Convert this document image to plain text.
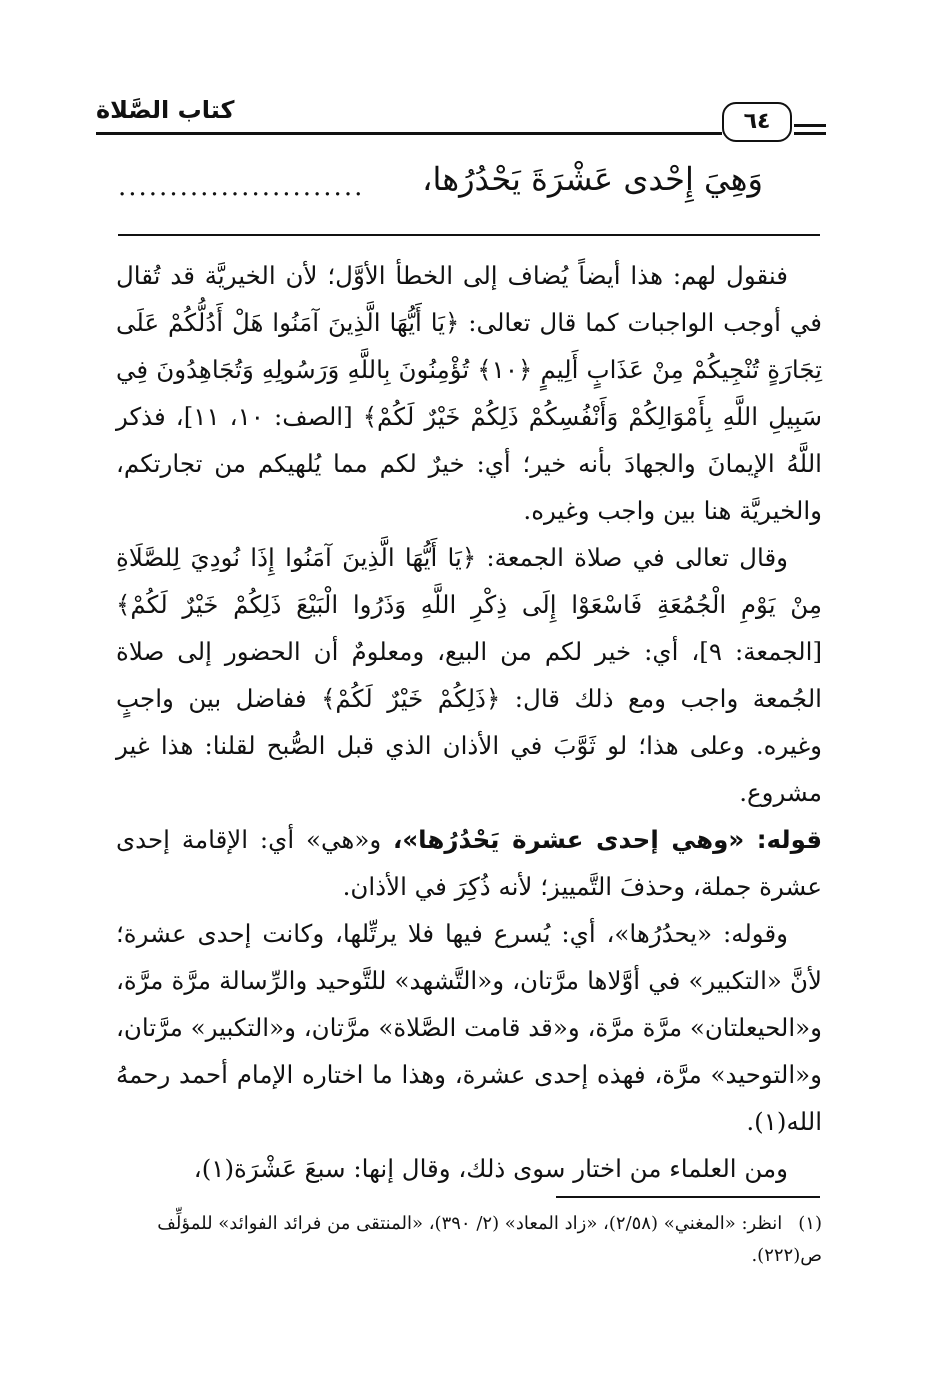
كتاب الصَّلاة	٦٤
وَهِيَ إِحْدى عَشْرَةَ يَحْدُرُها،
........................

فنقول لهم: هذا أيضاً يُضاف إلى الخطأ الأوَّل؛ لأن الخيريَّة قد تُقال في أوجب الواجبات كما قال تعالى: ﴿يَا أَيُّهَا الَّذِينَ آمَنُوا هَلْ أَدُلُّكُمْ عَلَى تِجَارَةٍ تُنْجِيكُمْ مِنْ عَذَابٍ أَلِيمٍ ﴿١٠﴾ تُؤْمِنُونَ بِاللَّهِ وَرَسُولِهِ وَتُجَاهِدُونَ فِي سَبِيلِ اللَّهِ بِأَمْوَالِكُمْ وَأَنْفُسِكُمْ ذَلِكُمْ خَيْرٌ لَكُمْ﴾ [الصف: ١٠، ١١]، فذكر اللَّهُ الإيمانَ والجهادَ بأنه خير؛ أي: خيرٌ لكم مما يُلهيكم من تجارتكم، والخيريَّة هنا بين واجب وغيره.

وقال تعالى في صلاة الجمعة: ﴿يَا أَيُّهَا الَّذِينَ آمَنُوا إِذَا نُودِيَ لِلصَّلَاةِ مِنْ يَوْمِ الْجُمُعَةِ فَاسْعَوْا إِلَى ذِكْرِ اللَّهِ وَذَرُوا الْبَيْعَ ذَلِكُمْ خَيْرٌ لَكُمْ﴾ [الجمعة: ٩]، أي: خير لكم من البيع، ومعلومٌ أن الحضور إلى صلاة الجُمعة واجب ومع ذلك قال: ﴿ذَلِكُمْ خَيْرٌ لَكُمْ﴾ ففاضل بين واجبٍ وغيره. وعلى هذا؛ لو ثَوَّبَ في الأذان الذي قبل الصُّبح لقلنا: هذا غير مشروع.

قوله: «وهي إحدى عشرة يَحْدُرُها»، و«هي» أي: الإقامة إحدى عشرة جملة، وحذفَ التَّمييز؛ لأنه ذُكِرَ في الأذان.

وقوله: «يحدُرُها»، أي: يُسرع فيها فلا يرتِّلها، وكانت إحدى عشرة؛ لأنَّ «التكبير» في أوَّلاها مرَّتان، و«التَّشهد» للتَّوحيد والرِّسالة مرَّة مرَّة، و«الحيعلتان» مرَّة مرَّة، و«قد قامت الصَّلاة» مرَّتان، و«التكبير» مرَّتان، و«التوحيد» مرَّة، فهذه إحدى عشرة، وهذا ما اختاره الإمام أحمد رحمهُ الله(١).

ومن العلماء من اختار سوى ذلك، وقال إنها: سبعَ عَشْرَة(١)،

(١)انظر: «المغني» (٢/٥٨)، «زاد المعاد» (٢/ ٣٩٠)، «المنتقى من فرائد الفوائد» للمؤلِّف ص(٢٢٢).
